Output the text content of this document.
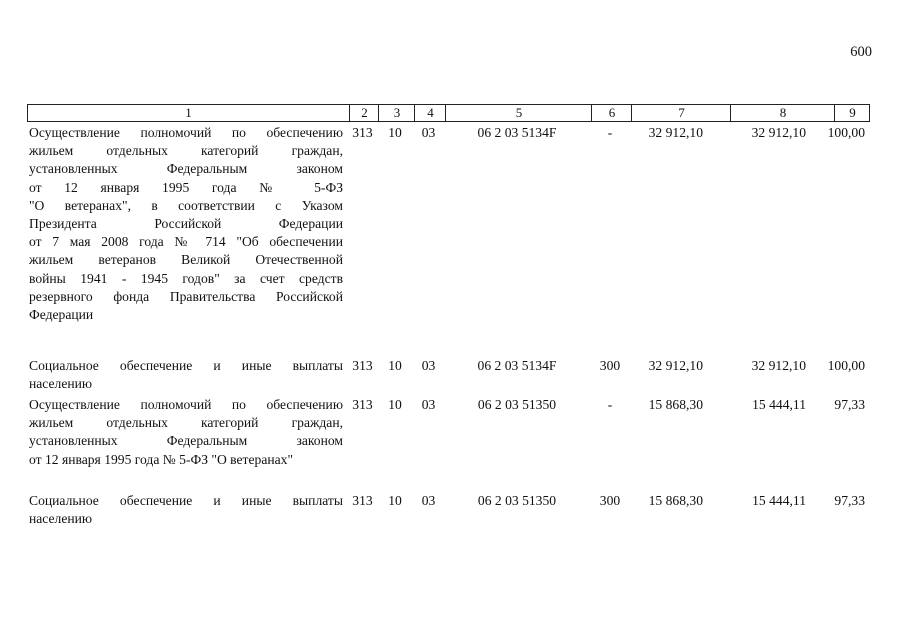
600
1	2	3	4	5	6	7	8	9
Осуществление полномочий по обеспечению
жильем отдельных категорий граждан,
установленных Федеральным законом
от 12 января 1995 года № 5-ФЗ
"О ветеранах", в соответствии с Указом
Президента Российской Федерации
от 7 мая 2008 года № 714 "Об обеспечении
жильем ветеранов Великой Отечественной
войны 1941 - 1945 годов" за счет средств
резервного фонда Правительства Российской
Федерации
313	10	03	06 2 03 5134F	-	32 912,10	32 912,10	100,00
Социальное обеспечение и иные выплаты
населению
313	10	03	06 2 03 5134F	300	32 912,10	32 912,10	100,00
Осуществление полномочий по обеспечению
жильем отдельных категорий граждан,
установленных Федеральным законом
от 12 января 1995 года № 5-ФЗ "О ветеранах"
313	10	03	06 2 03 51350	-	15 868,30	15 444,11	97,33
Социальное обеспечение и иные выплаты
населению
313	10	03	06 2 03 51350	300	15 868,30	15 444,11	97,33
